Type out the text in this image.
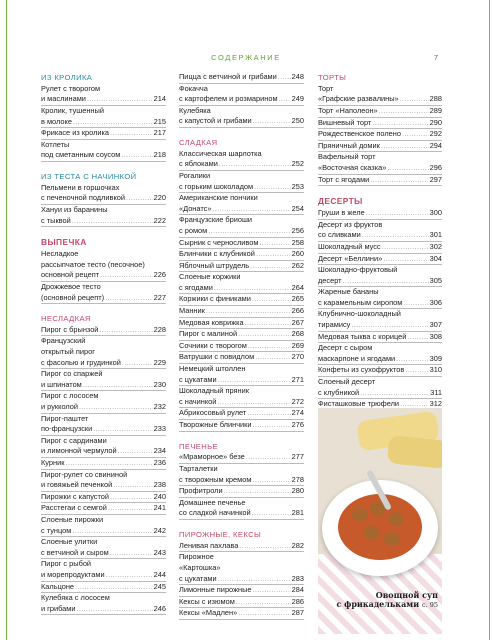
СОДЕРЖАНИЕ	7
ИЗ КРОЛИКА
Рулет с творогом
и маслинами .....	214
Кролик, тушенный
в молоке .....	215
Фрикасе из кролика .....	217
Котлеты
под сметанным соусом .....	218
ИЗ ТЕСТА С НАЧИНКОЙ
Пельмени в горшочках
с печеночной подливкой .....	220
Хануи из баранины
с тыквой .....	222
ВЫПЕЧКА
Несладкое
рассыпчатое тесто (песочное)
основной рецепт .....	226
Дрожжевое тесто
(основной рецепт) .....	227
НЕСЛАДКАЯ
Пирог с брынзой .....	228
Французский
открытый пирог
с фасолью и грудинкой .....	229
Пирог со спаржей
и шпинатом .....	230
Пирог с лососем
и рукколой .....	232
Пирог-паштет
по-французски .....	233
Пирог с сардинами
и лимонной чермулой .....	234
Курник .....	236
Пирог-рулет со свининой
и говяжьей печенкой .....	238
Пирожки с капустой .....	240
Расстегаи с семгой .....	241
Слоеные пирожки
с тунцом .....	242
Слоеные улитки
с ветчиной и сыром .....	243
Пирог с рыбой
и морепродуктами .....	244
Кальцоне .....	245
Кулебяка с лососем
и грибами .....	246
Пицца с ветчиной и грибами ..... 248
Фокачча
с картофелем и розмарином ..... 249
Кулебяка
с капустой и грибами .....	250
СЛАДКАЯ
Классическая шарлотка
с яблоками .....	252
Рогалики
с горьким шоколадом .....	253
Американские пончики
«Донатс» .....	254
Французские бриоши
с ромом .....	256
Сырник с черносливом .....	258
Блинчики с клубникой .....	260
Яблочный штрудель .....	262
Слоеные коржики
с ягодами .....	264
Коржики с финиками .....	265
Манник .....	266
Медовая коврижка .....	267
Пирог с малиной .....	268
Сочники с творогом .....	269
Ватрушки с повидлом .....	270
Немецкий штоллен
с цукатами .....	271
Шоколадный пряник
с начинкой .....	272
Абрикосовый рулет .....	274
Творожные блинчики .....	276
ПЕЧЕНЬЕ
«Мраморное» безе .....	277
Тарталетки
с творожным кремом .....	278
Профитроли .....	280
Домашнее печенье
со сладкой начинкой .....	281
ПИРОЖНЫЕ, КЕКСЫ
Ленивая пахлава .....	282
Пирожное
«Картошка»
с цукатами .....	283
Лимонные пирожные .....	284
Кексы с изюмом .....	286
Кексы «Мадлен» .....	287
ТОРТЫ
Торт
«Графские развалины» .....	288
Торт «Наполеон» .....	289
Вишневый торт .....	290
Рождественское полено .....	292
Пряничный домик .....	294
Вафельный торт
«Восточная сказка» .....	296
Торт с ягодами .....	297
ДЕСЕРТЫ
Груши в желе .....	300
Десерт из фруктов
со сливками .....	301
Шоколадный мусс .....	302
Десерт «Беллини» .....	304
Шоколадно-фруктовый
десерт .....	305
Жареные бананы
с карамельным сиропом .....	306
Клубнично-шоколадный
тирамису .....	307
Медовая тыква с корицей .....	308
Десерт с сыром
маскарпоне и ягодами .....	309
Конфеты из сухофруктов .....	310
Слоеный десерт
с клубникой .....	311
Фисташковые трюфели .....	312
Овощной суп
с фрикадельками с. 95
